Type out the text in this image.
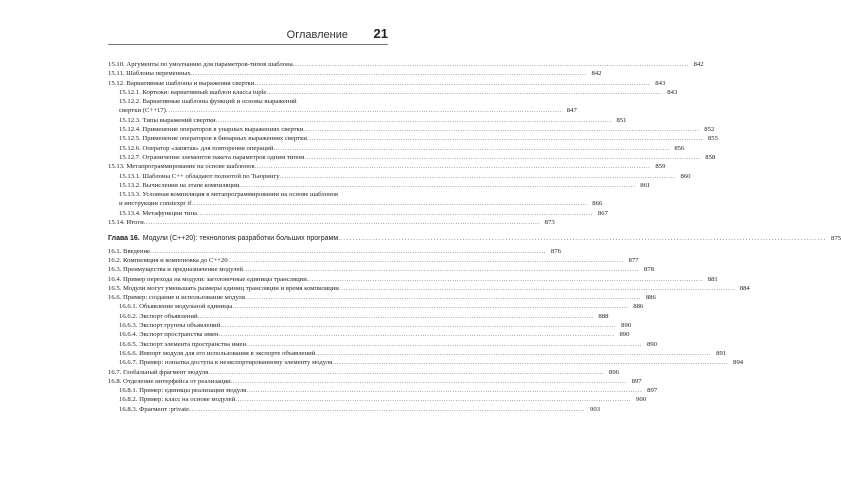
Оглавление 21
15.10. Аргументы по умолчанию для параметров-типов шаблона . . .	842
15.11. Шаблоны переменных . . .	842
15.12. Вариативные шаблоны и выражения свертки . . .	843
15.12.1. Кортежи: вариативный шаблон класса tuple . . .	843
15.12.2. Вариативные шаблоны функций и основы выражений
свертки (C++17) . . .	847
15.12.3. Типы выражений свертки . . .	851
15.12.4. Применение операторов в унарных выражениях свертки . . .	852
15.12.5. Применение операторов в бинарных выражениях свертки . . .	855
15.12.6. Оператор «запятая» для повторения операций . . .	856
15.12.7. Ограничение элементов пакета параметров одним типом . . .	858
15.13. Метапрограммирование на основе шаблонов . . .	859
15.13.1. Шаблоны C++ обладают полнотой по Тьюрингу . . .	860
15.13.2. Вычисления на этапе компиляции . . .	861
15.13.3. Условная компиляция в метапрограммировании на основе шаблонов
и инструкции constexpr if . . .	866
15.13.4. Метафункции типа . . .	867
15.14. Итоги . . .	873
Глава 16. Модули (C++20): технология разработки больших программ . . .	875
16.1. Введение . . .	876
16.2. Компиляция и компоновка до C++20 . . .	877
16.3. Преимущества и предназначение модулей . . .	878
16.4. Пример перехода на модули: заголовочные единицы трансляции . . .	881
16.5. Модули могут уменьшать размеры единиц трансляции и время компиляции . . .	884
16.6. Пример: создание и использование модуля . . .	886
16.6.1. Объявление модульной единицы . . .	886
16.6.2. Экспорт объявлений . . .	888
16.6.3. Экспорт группы объявлений . . .	890
16.6.4. Экспорт пространства имен . . .	890
16.6.5. Экспорт элемента пространства имен . . .	890
16.6.6. Импорт модуля для его использования в экспорте объявлений . . .	891
16.6.7. Пример: попытка доступа к неэкспортированному элементу модуля . . .	894
16.7. Глобальный фрагмент модуля . . .	896
16.8. Отделение интерфейса от реализации . . .	897
16.8.1. Пример: единицы реализации модуля . . .	897
16.8.2. Пример: класс на основе модулей . . .	900
16.8.3. Фрагмент :private . . .	903
